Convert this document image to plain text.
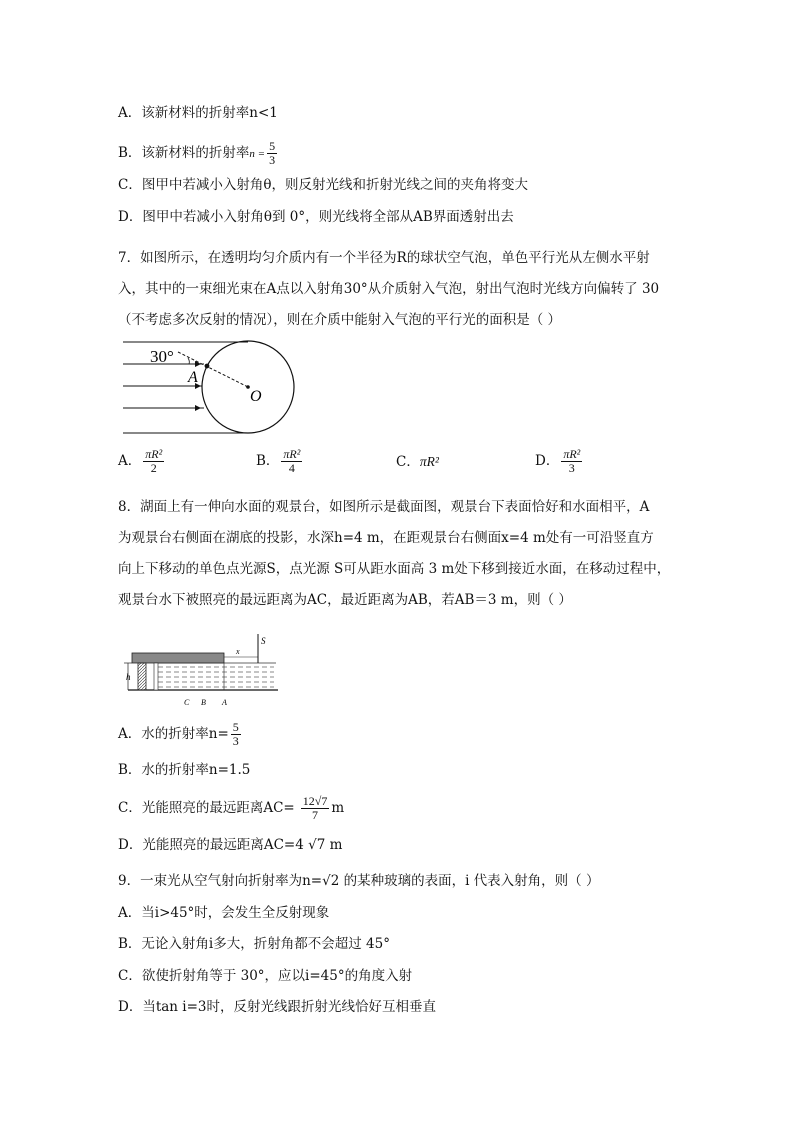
A．该新材料的折射率n<1
B．该新材料的折射率$n = \frac{5}{3}$
C．图甲中若减小入射角θ，则反射光线和折射光线之间的夹角将变大
D．图甲中若减小入射角θ到 0°，则光线将全部从AB界面透射出去
7．如图所示，在透明均匀介质内有一个半径为R的球状空气泡，单色平行光从左侧水平射
入，其中的一束细光束在A点以入射角30°从介质射入气泡，射出气泡时光线方向偏转了 30
（不考虑多次反射的情况），则在介质中能射入气泡的平行光的面积是（ ）
30°
A
O
A． $\frac{\text{πR²}}{2}$	B． $\frac{\text{πR²}}{4}$	C．πR²	D． $\frac{\text{πR²}}{3}$
8．湖面上有一伸向水面的观景台，如图所示是截面图，观景台下表面恰好和水面相平，A
为观景台右侧面在湖底的投影，水深h=4 m，在距观景台右侧面x=4 m处有一可沿竖直方
向上下移动的单色点光源S，点光源 S可从距水面高 3 m处下移到接近水面，在移动过程中，
观景台水下被照亮的最远距离为AC，最近距离为AB，若AB＝3 m，则（ ）
h
x
S
C B A
A．水的折射率$n= \frac{5}{3}$
B．水的折射率n=1.5
C．光能照亮的最远距离$AC= \frac{12√7}{7}$ m
D．光能照亮的最远距离AC=4 √7 m
9．一束光从空气射向折射率为n=√2 的某种玻璃的表面，i 代表入射角，则（ ）
A．当i>45°时，会发生全反射现象
B．无论入射角i多大，折射角都不会超过 45°
C．欲使折射角等于 30°，应以i=45°的角度入射
D．当tan i=3时，反射光线跟折射光线恰好互相垂直
